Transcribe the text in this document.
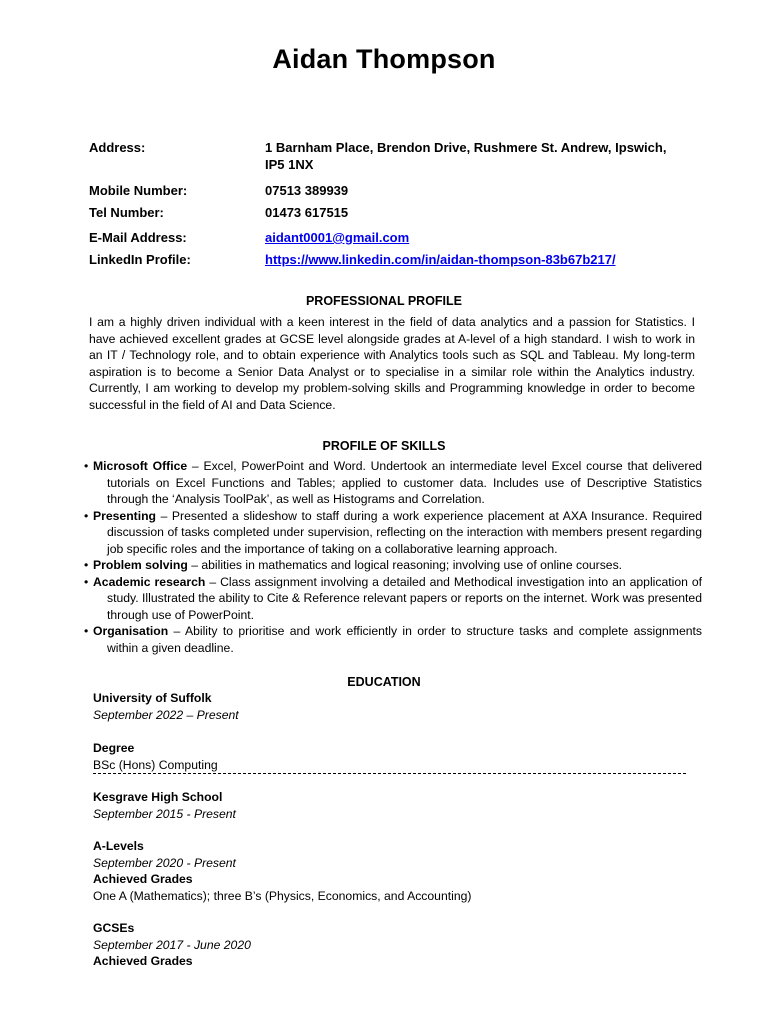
Aidan Thompson
Address:	1 Barnham Place, Brendon Drive, Rushmere St. Andrew, Ipswich,
IP5 1NX
Mobile Number:	07513 389939
Tel Number:	01473 617515
E-Mail Address:	aidant0001@gmail.com
LinkedIn Profile:	https://www.linkedin.com/in/aidan-thompson-83b67b217/
PROFESSIONAL PROFILE

I am a highly driven individual with a keen interest in the field of data analytics and a passion for Statistics. I have achieved excellent grades at GCSE level alongside grades at A-level of a high standard. I wish to work in an IT / Technology role, and to obtain experience with Analytics tools such as SQL and Tableau. My long-term aspiration is to become a Senior Data Analyst or to specialise in a similar role within the Analytics industry. Currently, I am working to develop my problem-solving skills and Programming knowledge in order to become successful in the field of AI and Data Science.

PROFILE OF SKILLS
• Microsoft Office – Excel, PowerPoint and Word. Undertook an intermediate level Excel course that delivered tutorials on Excel Functions and Tables; applied to customer data. Includes use of Descriptive Statistics through the ‘Analysis ToolPak’, as well as Histograms and Correlation.
• Presenting – Presented a slideshow to staff during a work experience placement at AXA Insurance. Required discussion of tasks completed under supervision, reflecting on the interaction with members present regarding job specific roles and the importance of taking on a collaborative learning approach.
• Problem solving – abilities in mathematics and logical reasoning; involving use of online courses.
• Academic research – Class assignment involving a detailed and Methodical investigation into an application of study. Illustrated the ability to Cite & Reference relevant papers or reports on the internet. Work was presented through use of PowerPoint.
• Organisation – Ability to prioritise and work efficiently in order to structure tasks and complete assignments within a given deadline.
EDUCATION
University of Suffolk
September 2022 – Present
Degree
BSc (Hons) Computing
Kesgrave High School
September 2015 - Present
A-Levels
September 2020 - Present
Achieved Grades
One A (Mathematics); three B’s (Physics, Economics, and Accounting)
GCSEs
September 2017 - June 2020
Achieved Grades
